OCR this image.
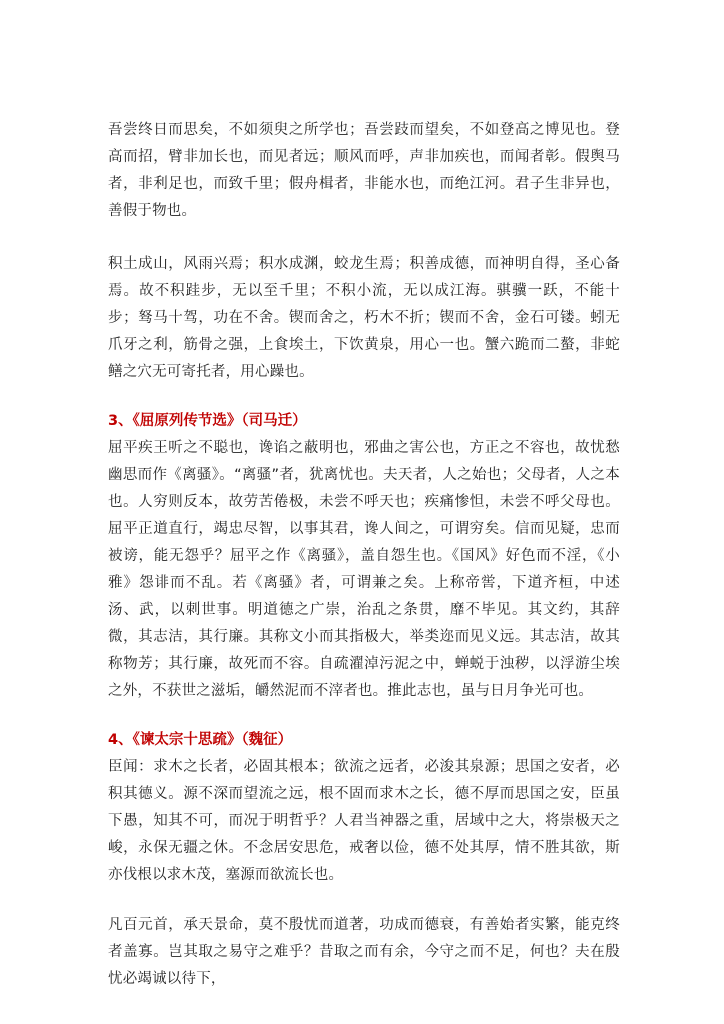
吾尝终日而思矣，不如须臾之所学也；吾尝跂而望矣，不如登高之博见也。登高而招，臂非加长也，而见者远；顺风而呼，声非加疾也，而闻者彰。假舆马者，非利足也，而致千里；假舟楫者，非能水也，而绝江河。君子生非异也，善假于物也。

积土成山，风雨兴焉；积水成渊，蛟龙生焉；积善成德，而神明自得，圣心备焉。故不积跬步，无以至千里；不积小流，无以成江海。骐骥一跃，不能十步；驽马十驾，功在不舍。锲而舍之，朽木不折；锲而不舍，金石可镂。蚓无爪牙之利，筋骨之强，上食埃土，下饮黄泉，用心一也。蟹六跪而二螯，非蛇鳝之穴无可寄托者，用心躁也。

3、《屈原列传节选》（司马迁）

屈平疾王听之不聪也，谗谄之蔽明也，邪曲之害公也，方正之不容也，故忧愁幽思而作《离骚》。“离骚”者，犹离忧也。夫天者，人之始也；父母者，人之本也。人穷则反本，故劳苦倦极，未尝不呼天也；疾痛惨怛，未尝不呼父母也。屈平正道直行，竭忠尽智，以事其君，谗人间之，可谓穷矣。信而见疑，忠而被谤，能无怨乎？屈平之作《离骚》，盖自怨生也。《国风》好色而不淫，《小雅》怨诽而不乱。若《离骚》者，可谓兼之矣。上称帝喾，下道齐桓，中述汤、武，以刺世事。明道德之广崇，治乱之条贯，靡不毕见。其文约，其辞微，其志洁，其行廉。其称文小而其指极大，举类迩而见义远。其志洁，故其称物芳；其行廉，故死而不容。自疏濯淖污泥之中，蝉蜕于浊秽，以浮游尘埃之外，不获世之滋垢，皭然泥而不滓者也。推此志也，虽与日月争光可也。

4、《谏太宗十思疏》（魏征）

臣闻：求木之长者，必固其根本；欲流之远者，必浚其泉源；思国之安者，必积其德义。源不深而望流之远，根不固而求木之长，德不厚而思国之安，臣虽下愚，知其不可，而况于明哲乎？人君当神器之重，居域中之大，将崇极天之峻，永保无疆之休。不念居安思危，戒奢以俭，德不处其厚，情不胜其欲，斯亦伐根以求木茂，塞源而欲流长也。

凡百元首，承天景命，莫不殷忧而道著，功成而德衰，有善始者实繁，能克终者盖寡。岂其取之易守之难乎？昔取之而有余，今守之而不足，何也？夫在殷忧必竭诚以待下，
